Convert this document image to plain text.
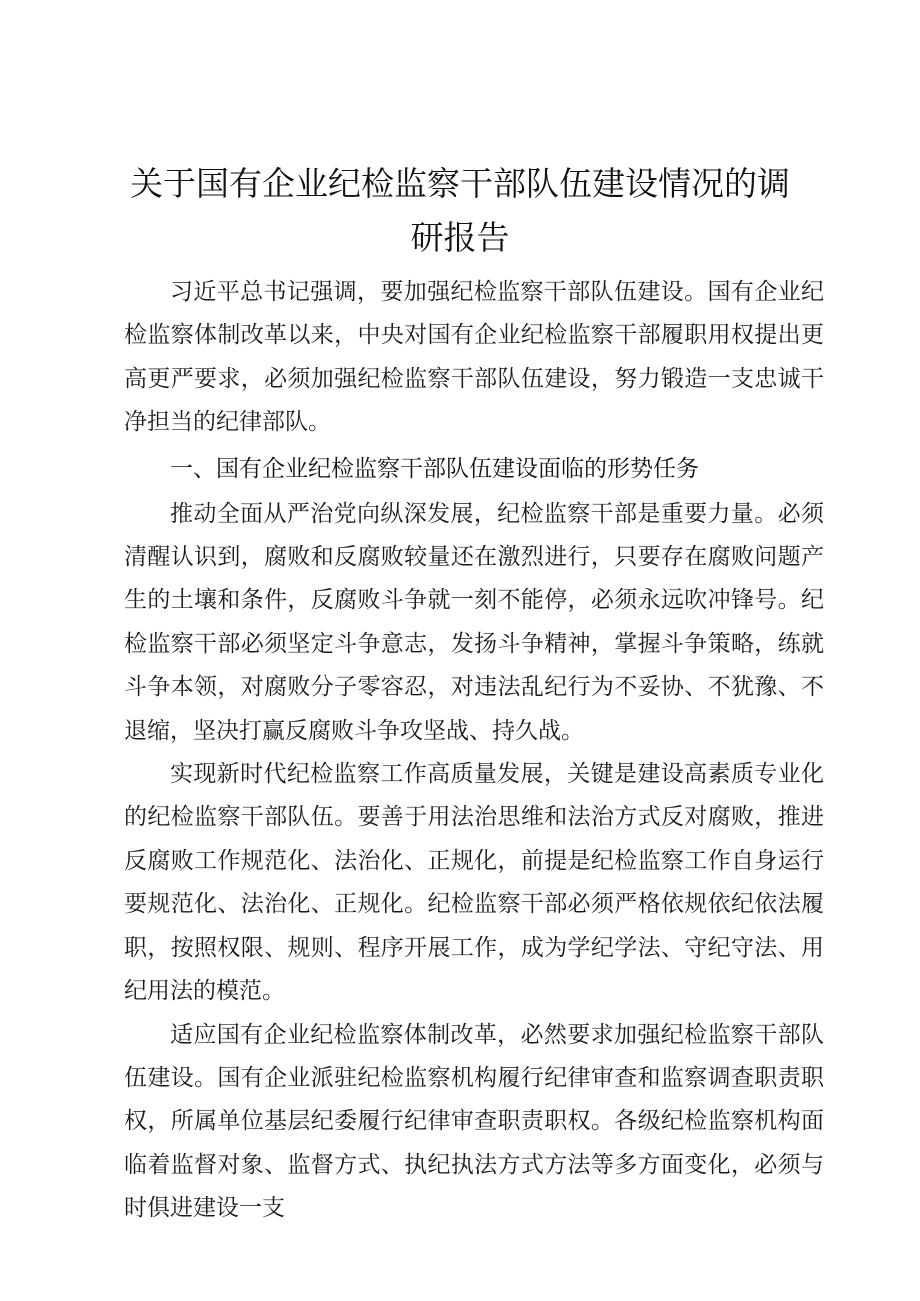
关于国有企业纪检监察干部队伍建设情况的调
研报告

习近平总书记强调，要加强纪检监察干部队伍建设。国有企业纪检监察体制改革以来，中央对国有企业纪检监察干部履职用权提出更高更严要求，必须加强纪检监察干部队伍建设，努力锻造一支忠诚干净担当的纪律部队。

一、国有企业纪检监察干部队伍建设面临的形势任务

推动全面从严治党向纵深发展，纪检监察干部是重要力量。必须清醒认识到，腐败和反腐败较量还在激烈进行，只要存在腐败问题产生的土壤和条件，反腐败斗争就一刻不能停，必须永远吹冲锋号。纪检监察干部必须坚定斗争意志，发扬斗争精神，掌握斗争策略，练就斗争本领，对腐败分子零容忍，对违法乱纪行为不妥协、不犹豫、不退缩，坚决打赢反腐败斗争攻坚战、持久战。

实现新时代纪检监察工作高质量发展，关键是建设高素质专业化的纪检监察干部队伍。要善于用法治思维和法治方式反对腐败，推进反腐败工作规范化、法治化、正规化，前提是纪检监察工作自身运行要规范化、法治化、正规化。纪检监察干部必须严格依规依纪依法履职，按照权限、规则、程序开展工作，成为学纪学法、守纪守法、用纪用法的模范。

适应国有企业纪检监察体制改革，必然要求加强纪检监察干部队伍建设。国有企业派驻纪检监察机构履行纪律审查和监察调查职责职权，所属单位基层纪委履行纪律审查职责职权。各级纪检监察机构面临着监督对象、监督方式、执纪执法方式方法等多方面变化，必须与时俱进建设一支
